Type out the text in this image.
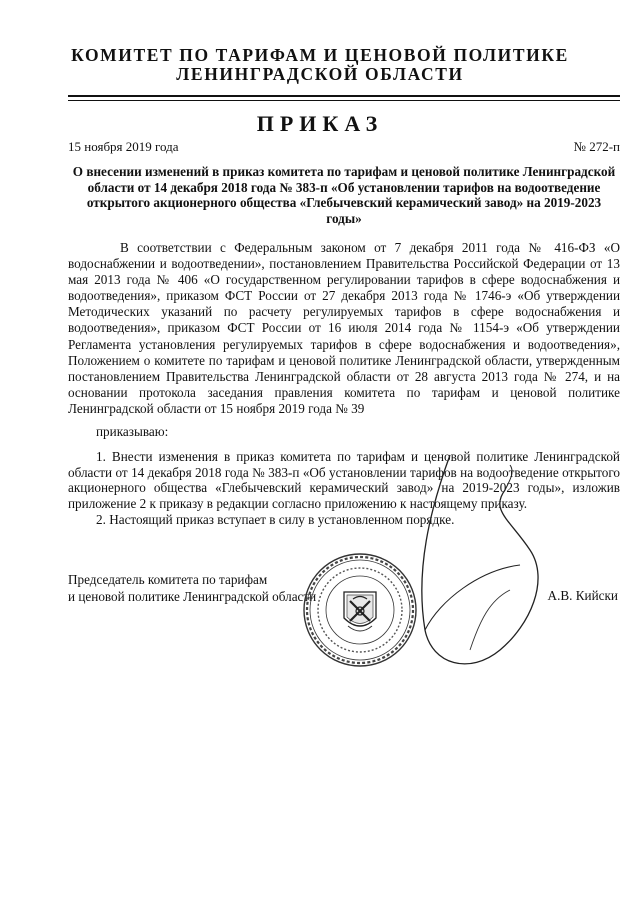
КОМИТЕТ ПО ТАРИФАМ И ЦЕНОВОЙ ПОЛИТИКЕ
ЛЕНИНГРАДСКОЙ ОБЛАСТИ
ПРИКАЗ
15 ноября 2019 года	№ 272-п
О внесении изменений в приказ комитета по тарифам и ценовой политике Ленинградской области от 14 декабря 2018 года № 383-п «Об установлении тарифов на водоотведение открытого акционерного общества «Глебычевский керамический завод» на 2019-2023 годы»
В соответствии с Федеральным законом от 7 декабря 2011 года № 416-ФЗ «О водоснабжении и водоотведении», постановлением Правительства Российской Федерации от 13 мая 2013 года № 406 «О государственном регулировании тарифов в сфере водоснабжения и водоотведения», приказом ФСТ России от 27 декабря 2013 года № 1746-э «Об утверждении Методических указаний по расчету регулируемых тарифов в сфере водоснабжения и водоотведения», приказом ФСТ России от 16 июля 2014 года № 1154-э «Об утверждении Регламента установления регулируемых тарифов в сфере водоснабжения и водоотведения», Положением о комитете по тарифам и ценовой политике Ленинградской области, утвержденным постановлением Правительства Ленинградской области от 28 августа 2013 года № 274, и на основании протокола заседания правления комитета по тарифам и ценовой политике Ленинградской области от 15 ноября 2019 года № 39
приказываю:
1. Внести изменения в приказ комитета по тарифам и ценовой политике Ленинградской области от 14 декабря 2018 года № 383-п «Об установлении тарифов на водоотведение открытого акционерного общества «Глебычевский керамический завод» на 2019-2023 годы», изложив приложение 2 к приказу в редакции согласно приложению к настоящему приказу.
2. Настоящий приказ вступает в силу в установленном порядке.
Председатель комитета по тарифам
и ценовой политике Ленинградской области	А.В. Кийски
